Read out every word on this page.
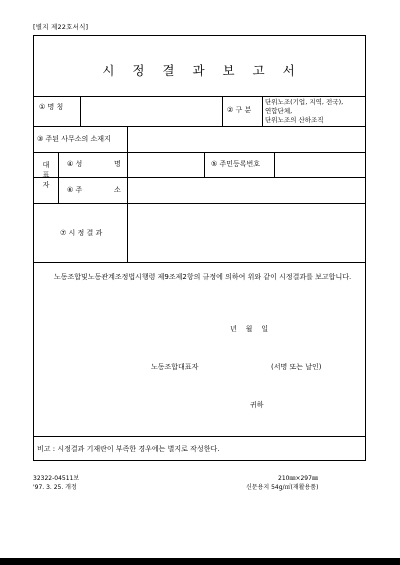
[별지 제22호서식]
시 정 결 과 보 고 서
① 명 칭	② 구 분
단위노조(기업, 지역, 전국),
연합단체,
단위노조의 산하조직
③ 주된 사무소의 소재지
대
표
자
④ 성	명	⑤ 주민등록번호
⑥ 주	소
⑦ 시 정 결 과
노동조합및노동관계조정법시행령 제9조제2항의 규정에 의하여 위와 같이 시정결과를 보고합니다.
년    월    일
노동조합대표자	(서명 또는 날인)
귀하
비고 : 시정결과 기재란이 부족한 경우에는 별지로 작성한다.
32322-04511보
'97. 3. 25. 개정
210㎜×297㎜
신문용지 54g/㎡(재활용품)
